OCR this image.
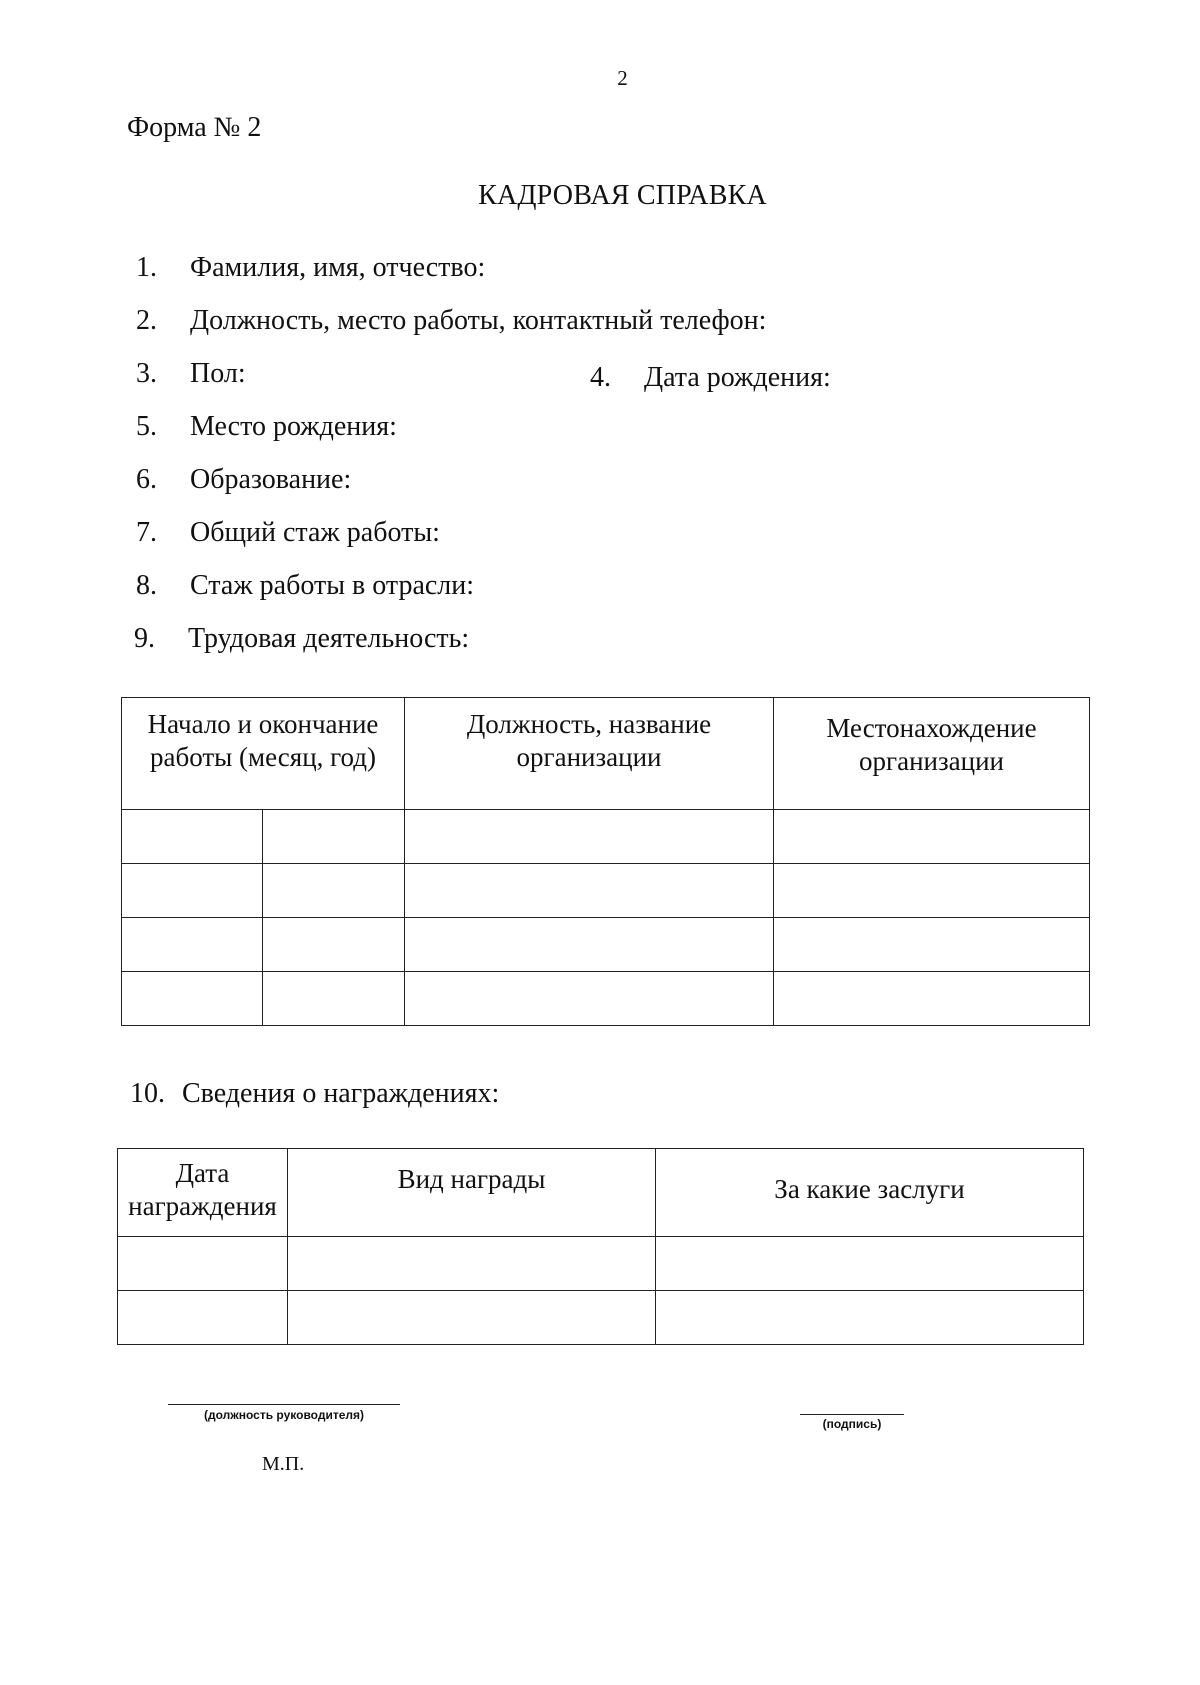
2
Форма № 2
КАДРОВАЯ СПРАВКА
1. Фамилия, имя, отчество:
2. Должность, место работы, контактный телефон:
3. Пол:	4. Дата рождения:
5. Место рождения:
6. Образование:
7. Общий стаж работы:
8. Стаж работы в отрасли:
9. Трудовая деятельность:
Начало и окончание работы (месяц, год)		Должность, название организации	Местонахождение организации

10. Сведения о награждениях:
Дата награждения	Вид награды	За какие заслуги

(должность руководителя)
(подпись)
М.П.
